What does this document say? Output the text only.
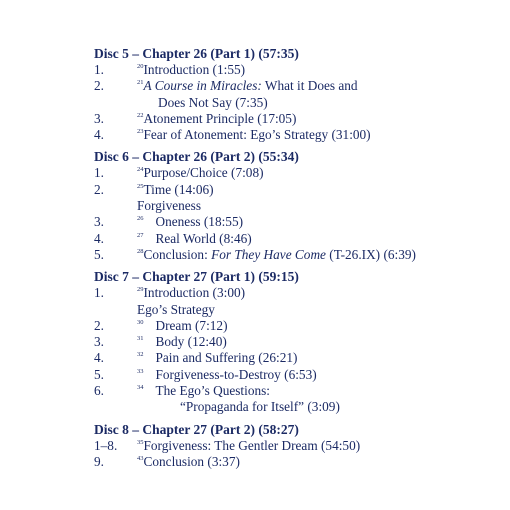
Disc 5 – Chapter 26 (Part 1) (57:35)
1.	$^{20}$Introduction (1:55)
2.	$^{21}$A Course in Miracles: What it Does and
Does Not Say (7:35)
3.	$^{22}$Atonement Principle (17:05)
4.	$^{23}$Fear of Atonement: Ego’s Strategy (31:00)
Disc 6 – Chapter 26 (Part 2) (55:34)
1.	$^{24}$Purpose/Choice (7:08)
2.	$^{25}$Time (14:06)
Forgiveness
3.	$^{26}$ Oneness (18:55)
4.	$^{27}$ Real World (8:46)
5.	$^{28}$Conclusion: For They Have Come (T-26.IX) (6:39)
Disc 7 – Chapter 27 (Part 1) (59:15)
1.	$^{29}$Introduction (3:00)
Ego’s Strategy
2.	$^{30}$ Dream (7:12)
3.	$^{31}$ Body (12:40)
4.	$^{32}$ Pain and Suffering (26:21)
5.	$^{33}$ Forgiveness-to-Destroy (6:53)
6.	$^{34}$ The Ego’s Questions:
“Propaganda for Itself” (3:09)
Disc 8 – Chapter 27 (Part 2) (58:27)
1–8.	$^{35}$Forgiveness: The Gentler Dream (54:50)
9.	$^{43}$Conclusion (3:37)
